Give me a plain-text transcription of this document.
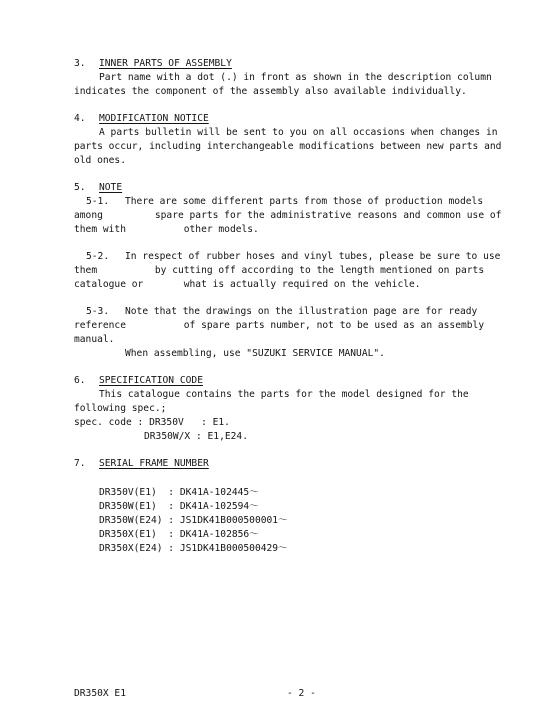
3. INNER PARTS OF ASSEMBLY
Part name with a dot (.) in front as shown in the description column
indicates the component of the assembly also available individually.
4. MODIFICATION NOTICE
A parts bulletin will be sent to you on all occasions when changes in
parts occur, including interchangeable modifications between new parts and
old ones.
5. NOTE
5-1. There are some different parts from those of production models
among         spare parts for the administrative reasons and common use of
them with          other models.
5-2. In respect of rubber hoses and vinyl tubes, please be sure to use
them          by cutting off according to the length mentioned on parts
catalogue or       what is actually required on the vehicle.
5-3. Note that the drawings on the illustration page are for ready
reference          of spare parts number, not to be used as an assembly
manual.
When assembling, use "SUZUKI SERVICE MANUAL".
6. SPECIFICATION CODE
This catalogue contains the parts for the model designed for the
following spec.;
spec. code : DR350V   : E1.
DR350W/X : E1,E24.
7. SERIAL FRAME NUMBER
DR350V(E1)  : DK41A-102445～
DR350W(E1)  : DK41A-102594～
DR350W(E24) : JS1DK41B000500001～
DR350X(E1)  : DK41A-102856～
DR350X(E24) : JS1DK41B000500429～
DR350X E1	- 2 -
